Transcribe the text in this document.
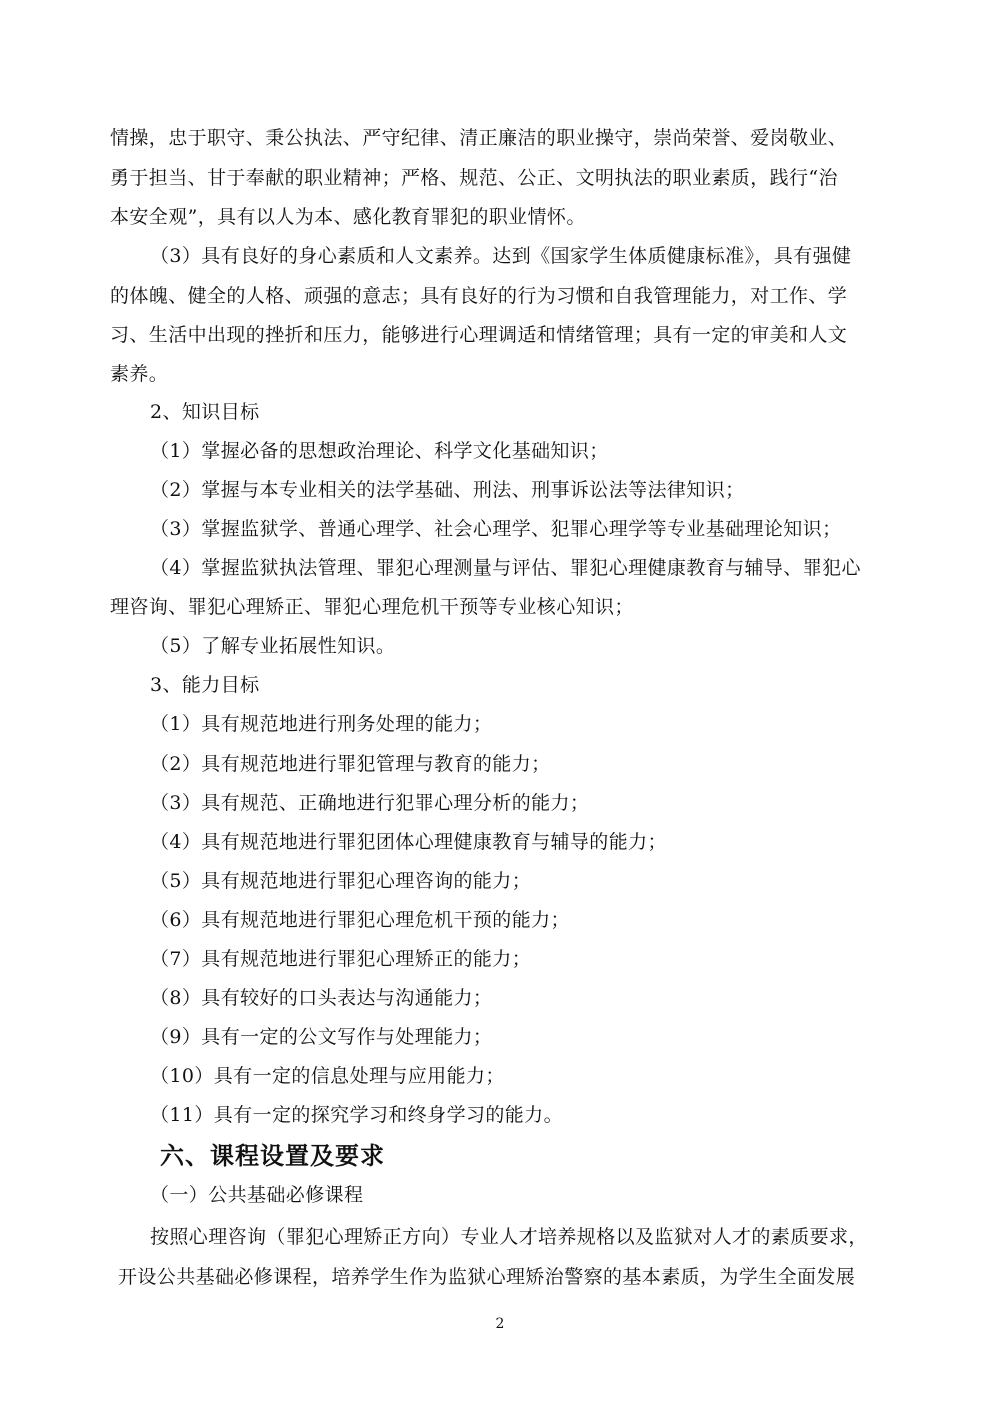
情操，忠于职守、秉公执法、严守纪律、清正廉洁的职业操守，崇尚荣誉、爱岗敬业、
勇于担当、甘于奉献的职业精神；严格、规范、公正、文明执法的职业素质，践行“治
本安全观”，具有以人为本、感化教育罪犯的职业情怀。
（3）具有良好的身心素质和人文素养。达到《国家学生体质健康标准》，具有强健
的体魄、健全的人格、顽强的意志；具有良好的行为习惯和自我管理能力，对工作、学
习、生活中出现的挫折和压力，能够进行心理调适和情绪管理；具有一定的审美和人文
素养。
2、知识目标
（1）掌握必备的思想政治理论、科学文化基础知识；
（2）掌握与本专业相关的法学基础、刑法、刑事诉讼法等法律知识；
（3）掌握监狱学、普通心理学、社会心理学、犯罪心理学等专业基础理论知识；
（4）掌握监狱执法管理、罪犯心理测量与评估、罪犯心理健康教育与辅导、罪犯心
理咨询、罪犯心理矫正、罪犯心理危机干预等专业核心知识；
（5）了解专业拓展性知识。
3、能力目标
（1）具有规范地进行刑务处理的能力；
（2）具有规范地进行罪犯管理与教育的能力；
（3）具有规范、正确地进行犯罪心理分析的能力；
（4）具有规范地进行罪犯团体心理健康教育与辅导的能力；
（5）具有规范地进行罪犯心理咨询的能力；
（6）具有规范地进行罪犯心理危机干预的能力；
（7）具有规范地进行罪犯心理矫正的能力；
（8）具有较好的口头表达与沟通能力；
（9）具有一定的公文写作与处理能力；
（10）具有一定的信息处理与应用能力；
（11）具有一定的探究学习和终身学习的能力。
六、课程设置及要求
（一）公共基础必修课程
按照心理咨询（罪犯心理矫正方向）专业人才培养规格以及监狱对人才的素质要求，
开设公共基础必修课程，培养学生作为监狱心理矫治警察的基本素质，为学生全面发展
2
